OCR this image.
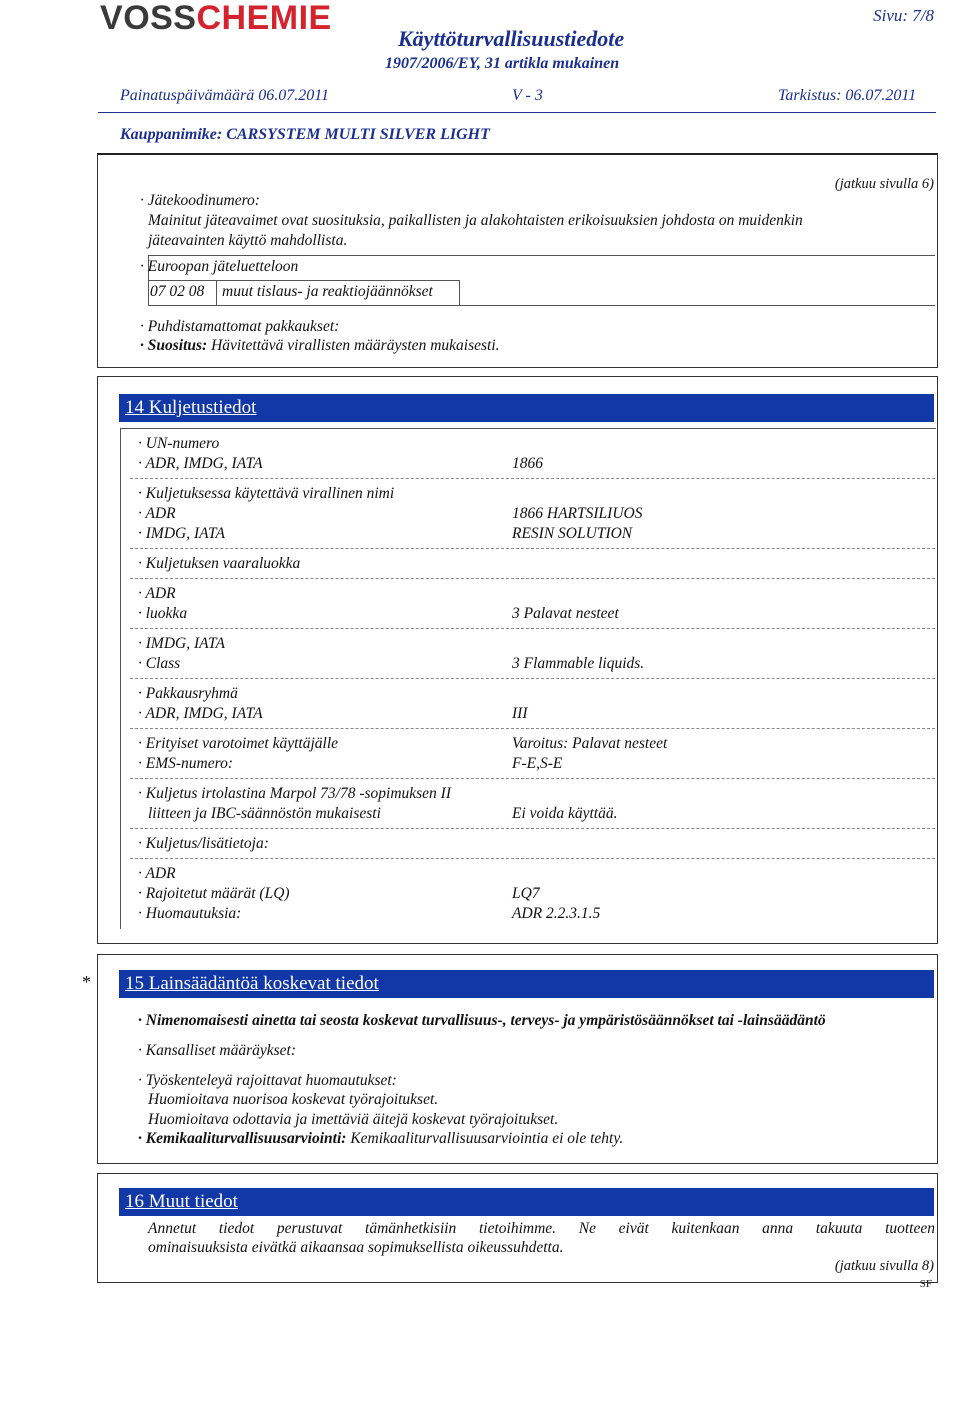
VOSSCHEMIE
Käyttöturvallisuustiedote
1907/2006/EY, 31 artikla mukainen
Sivu: 7/8
Painatuspäivämäärä 06.07.2011	V - 3	Tarkistus: 06.07.2011
Kauppanimike: CARSYSTEM MULTI SILVER LIGHT
(jatkuu sivulla 6)
· Jätekoodinumero:
Mainitut jäteavaimet ovat suosituksia, paikallisten ja alakohtaisten erikoisuuksien johdosta on muidenkin
jäteavainten käyttö mahdollista.
· Euroopan jäteluetteloon
07 02 08 muut tislaus- ja reaktiojäännökset
· Puhdistamattomat pakkaukset:
· Suositus: Hävitettävä virallisten määräysten mukaisesti.
14 Kuljetustiedot
· UN-numero
· ADR, IMDG, IATA	1866
· Kuljetuksessa käytettävä virallinen nimi
· ADR	1866 HARTSILIUOS
· IMDG, IATA	RESIN SOLUTION
· Kuljetuksen vaaraluokka
· ADR
· luokka	3 Palavat nesteet
· IMDG, IATA
· Class	3 Flammable liquids.
· Pakkausryhmä
· ADR, IMDG, IATA	III
· Erityiset varotoimet käyttäjälle	Varoitus: Palavat nesteet
· EMS-numero:	F-E,S-E
· Kuljetus irtolastina Marpol 73/78 -sopimuksen II
liitteen ja IBC-säännöstön mukaisesti	Ei voida käyttää.
· Kuljetus/lisätietoja:
· ADR
· Rajoitetut määrät (LQ)	LQ7
· Huomautuksia:	ADR 2.2.3.1.5
*	15 Lainsäädäntöä koskevat tiedot
· Nimenomaisesti ainetta tai seosta koskevat turvallisuus-, terveys- ja ympäristösäännökset tai -lainsäädäntö
· Kansalliset määräykset:
· Työskenteleyä rajoittavat huomautukset:
Huomioitava nuorisoa koskevat työrajoitukset.
Huomioitava odottavia ja imettäviä äitejä koskevat työrajoitukset.
· Kemikaaliturvallisuusarviointi: Kemikaaliturvallisuusarviointia ei ole tehty.
16 Muut tiedot
Annetut tiedot perustuvat tämänhetkisiin tietoihimme. Ne eivät kuitenkaan anna takuuta tuotteen
ominaisuuksista eivätkä aikaansaa sopimuksellista oikeussuhdetta.
(jatkuu sivulla 8)
SF
